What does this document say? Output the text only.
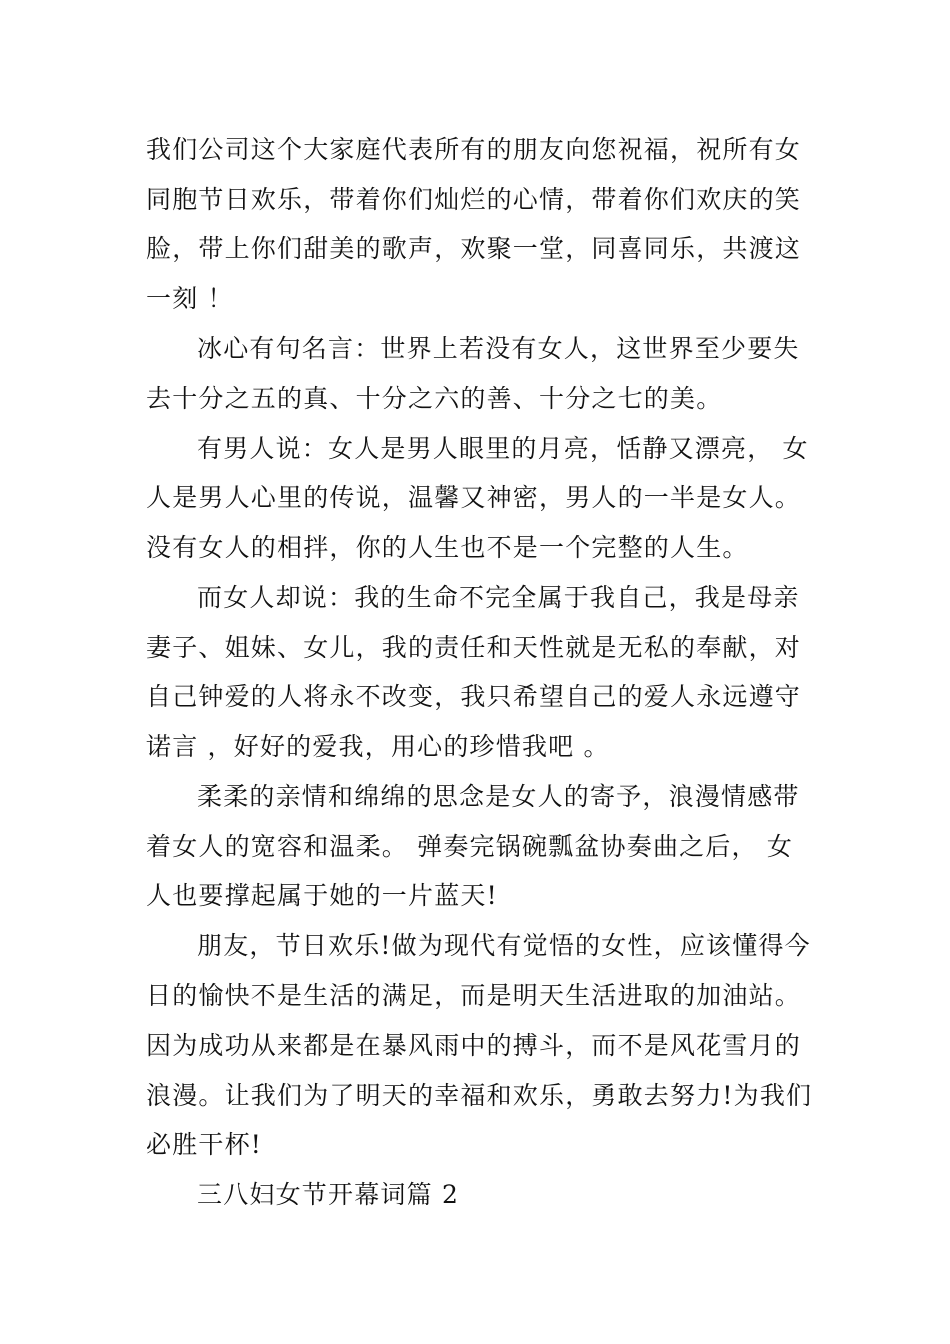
我们公司这个大家庭代表所有的朋友向您祝福，祝所有女
同胞节日欢乐，带着你们灿烂的心情，带着你们欢庆的笑
脸，带上你们甜美的歌声，欢聚一堂，同喜同乐，共渡这
一刻 ！
冰心有句名言：世界上若没有女人，这世界至少要失
去十分之五的真、十分之六的善、十分之七的美。
有男人说：女人是男人眼里的月亮，恬静又漂亮， 女
人是男人心里的传说，温馨又神密，男人的一半是女人。
没有女人的相拌，你的人生也不是一个完整的人生。
而女人却说：我的生命不完全属于我自己，我是母亲
妻子、姐妹、女儿，我的责任和天性就是无私的奉献，对
自己钟爱的人将永不改变，我只希望自己的爱人永远遵守
诺言 ，好好的爱我，用心的珍惜我吧 。
柔柔的亲情和绵绵的思念是女人的寄予，浪漫情感带
着女人的宽容和温柔。 弹奏完锅碗瓢盆协奏曲之后， 女
人也要撑起属于她的一片蓝天!
朋友，节日欢乐!做为现代有觉悟的女性，应该懂得今
日的愉快不是生活的满足，而是明天生活进取的加油站。
因为成功从来都是在暴风雨中的搏斗，而不是风花雪月的
浪漫。让我们为了明天的幸福和欢乐，勇敢去努力!为我们
必胜干杯!
三八妇女节开幕词篇 2
